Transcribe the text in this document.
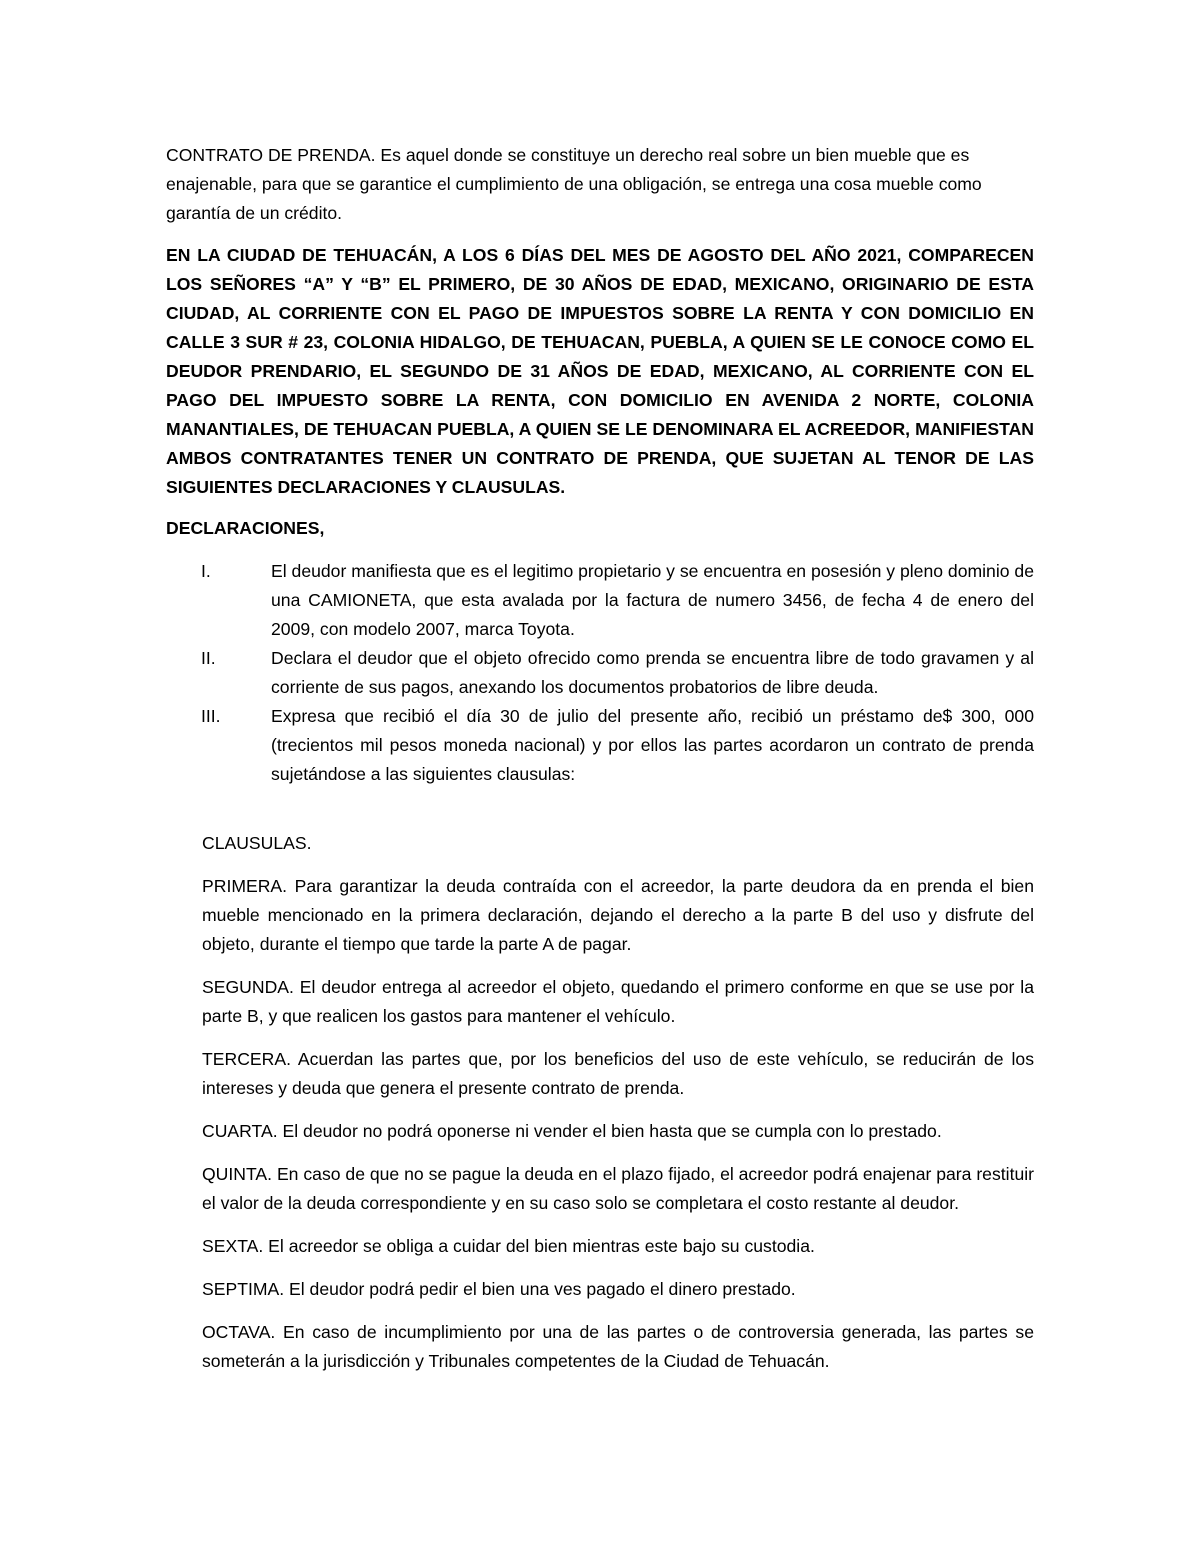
CONTRATO DE PRENDA. Es aquel donde se constituye un derecho real sobre un bien mueble que es enajenable, para que se garantice el cumplimiento de una obligación, se entrega una cosa mueble como garantía de un crédito.

EN LA CIUDAD DE TEHUACÁN, A LOS 6 DÍAS DEL MES DE AGOSTO DEL AÑO 2021, COMPARECEN LOS SEÑORES “A” Y “B” EL PRIMERO, DE 30 AÑOS DE EDAD, MEXICANO, ORIGINARIO DE ESTA CIUDAD, AL CORRIENTE CON EL PAGO DE IMPUESTOS SOBRE LA RENTA Y CON DOMICILIO EN CALLE 3 SUR # 23, COLONIA HIDALGO, DE TEHUACAN, PUEBLA, A QUIEN SE LE CONOCE COMO EL DEUDOR PRENDARIO, EL SEGUNDO DE 31 AÑOS DE EDAD, MEXICANO, AL CORRIENTE CON EL PAGO DEL IMPUESTO SOBRE LA RENTA, CON DOMICILIO EN AVENIDA 2 NORTE, COLONIA MANANTIALES, DE TEHUACAN PUEBLA, A QUIEN SE LE DENOMINARA EL ACREEDOR, MANIFIESTAN AMBOS CONTRATANTES TENER UN CONTRATO DE PRENDA, QUE SUJETAN AL TENOR DE LAS SIGUIENTES DECLARACIONES Y CLAUSULAS.

DECLARACIONES,

I.	El deudor manifiesta que es el legitimo propietario y se encuentra en posesión y pleno dominio de una CAMIONETA, que esta avalada por la factura de numero 3456, de fecha 4 de enero del 2009, con modelo 2007, marca Toyota.
II.	Declara el deudor que el objeto ofrecido como prenda se encuentra libre de todo gravamen y al corriente de sus pagos, anexando los documentos probatorios de libre deuda.
III.	Expresa que recibió el día 30 de julio del presente año, recibió un préstamo de$ 300, 000 (trecientos mil pesos moneda nacional) y por ellos las partes acordaron un contrato de prenda sujetándose a las siguientes clausulas:

CLAUSULAS.

PRIMERA. Para garantizar la deuda contraída con el acreedor, la parte deudora da en prenda el bien mueble mencionado en la primera declaración, dejando el derecho a la parte B del uso y disfrute del objeto, durante el tiempo que tarde la parte A de pagar.

SEGUNDA. El deudor entrega al acreedor el objeto, quedando el primero conforme en que se use por la parte B, y que realicen los gastos para mantener el vehículo.

TERCERA. Acuerdan las partes que, por los beneficios del uso de este vehículo, se reducirán de los intereses y deuda que genera el presente contrato de prenda.

CUARTA. El deudor no podrá oponerse ni vender el bien hasta que se cumpla con lo prestado.

QUINTA. En caso de que no se pague la deuda en el plazo fijado, el acreedor podrá enajenar para restituir el valor de la deuda correspondiente y en su caso solo se completara el costo restante al deudor.

SEXTA. El acreedor se obliga a cuidar del bien mientras este bajo su custodia.

SEPTIMA. El deudor podrá pedir el bien una ves pagado el dinero prestado.

OCTAVA. En caso de incumplimiento por una de las partes o de controversia generada, las partes se someterán a la jurisdicción y Tribunales competentes de la Ciudad de Tehuacán.
